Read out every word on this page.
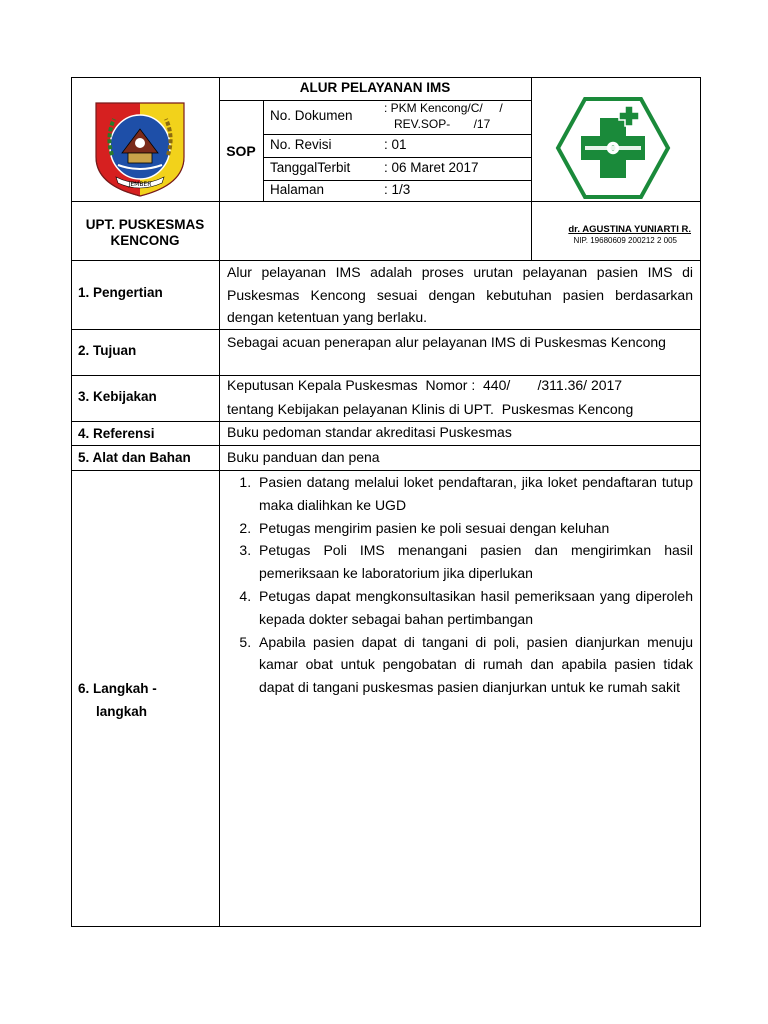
JEMBER
ALUR PELAYANAN IMS
SOP
No. Dokumen	: PKM Kencong/C/     /
REV.SOP-       /17
No. Revisi	: 01
TanggalTerbit : 06 Maret 2017
Halaman	: 1/3
UPT. PUSKESMAS
KENCONG
dr. AGUSTINA YUNIARTI R.
NIP. 19680609 200212 2 005
1. Pengertian
Alur pelayanan IMS adalah proses urutan pelayanan pasien IMS di Puskesmas Kencong sesuai dengan kebutuhan pasien berdasarkan dengan ketentuan yang berlaku.
2. Tujuan
Sebagai acuan penerapan alur pelayanan IMS di Puskesmas Kencong
3. Kebijakan
Keputusan Kepala Puskesmas  Nomor :  440/       /311.36/ 2017
tentang Kebijakan pelayanan Klinis di UPT.  Puskesmas Kencong
4. Referensi	Buku pedoman standar akreditasi Puskesmas
5. Alat dan Bahan	Buku panduan dan pena
6. Langkah -
langkah
1. Pasien datang melalui loket pendaftaran, jika loket pendaftaran tutup maka dialihkan ke UGD
2. Petugas mengirim pasien ke poli sesuai dengan keluhan
3. Petugas Poli IMS menangani pasien dan mengirimkan hasil pemeriksaan ke laboratorium jika diperlukan
4. Petugas dapat mengkonsultasikan hasil pemeriksaan yang diperoleh kepada dokter sebagai bahan pertimbangan
5. Apabila pasien dapat di tangani di poli, pasien dianjurkan menuju kamar obat untuk pengobatan di rumah dan apabila pasien tidak dapat di tangani puskesmas pasien dianjurkan untuk ke rumah sakit
